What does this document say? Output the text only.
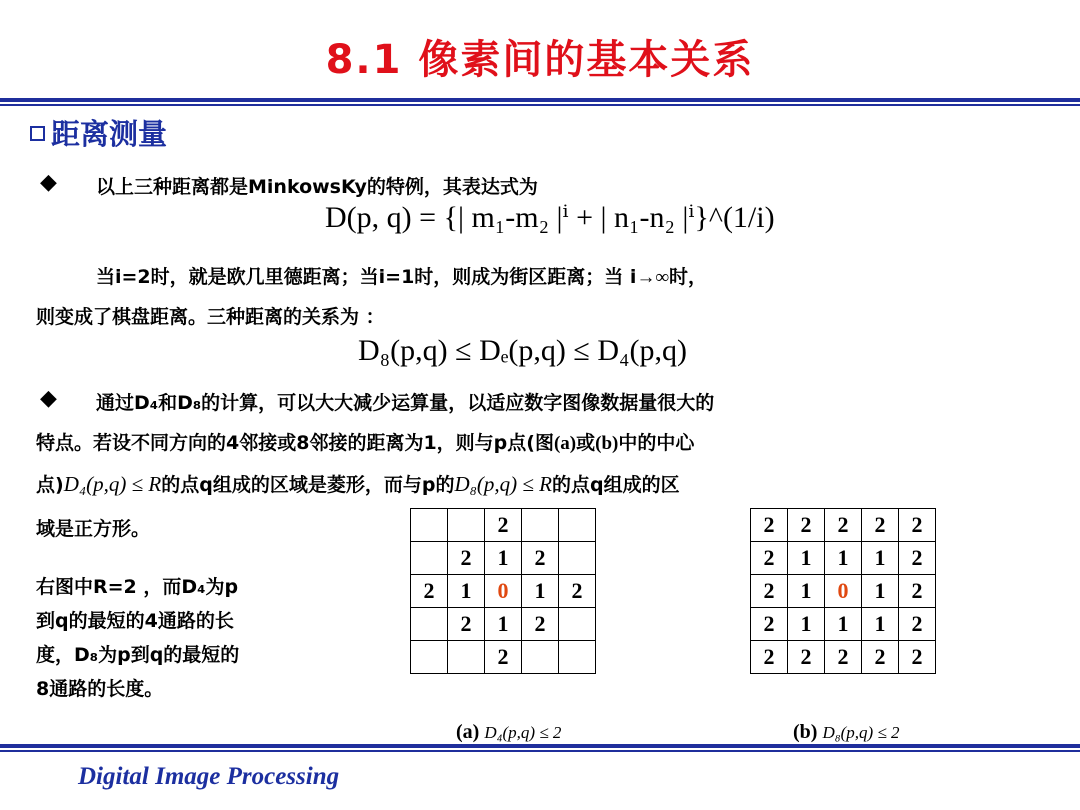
8.1 像素间的基本关系
距离测量
◆ 以上三种距离都是MinkowsKy的特例，其表达式为
D(p, q) = {| m₁-m₂ |ⁱ + | n₁-n₂ |ⁱ}^(1/i)
当i=2时，就是欧几里德距离；当i=1时，则成为街区距离；当 i→∞时，
则变成了棋盘距离。三种距离的关系为 ：
D₈(p,q) ≤ Dₑ(p,q) ≤ D₄(p,q)
◆ 通过D₄和D₈的计算，可以大大减少运算量，以适应数字图像数据量很大的
特点。若设不同方向的4邻接或8邻接的距离为1，则与p点(图(a)或(b)中的中心
点)D₄(p,q) ≤ R的点q组成的区域是菱形，而与p的D₈(p,q) ≤ R的点q组成的区
域是正方形。
右图中R=2 ，而D₄为p
到q的最短的4通路的长
度，D₈为p到q的最短的
8通路的长度。
		2		
	2	1	2	
2	1	0	1	2
	2	1	2	
		2		
2	2	2	2	2
2	1	1	1	2
2	1	0	1	2
2	1	1	1	2
2	2	2	2	2
(a) D₄(p,q) ≤ 2	(b) D₈(p,q) ≤ 2
Digital Image Processing
